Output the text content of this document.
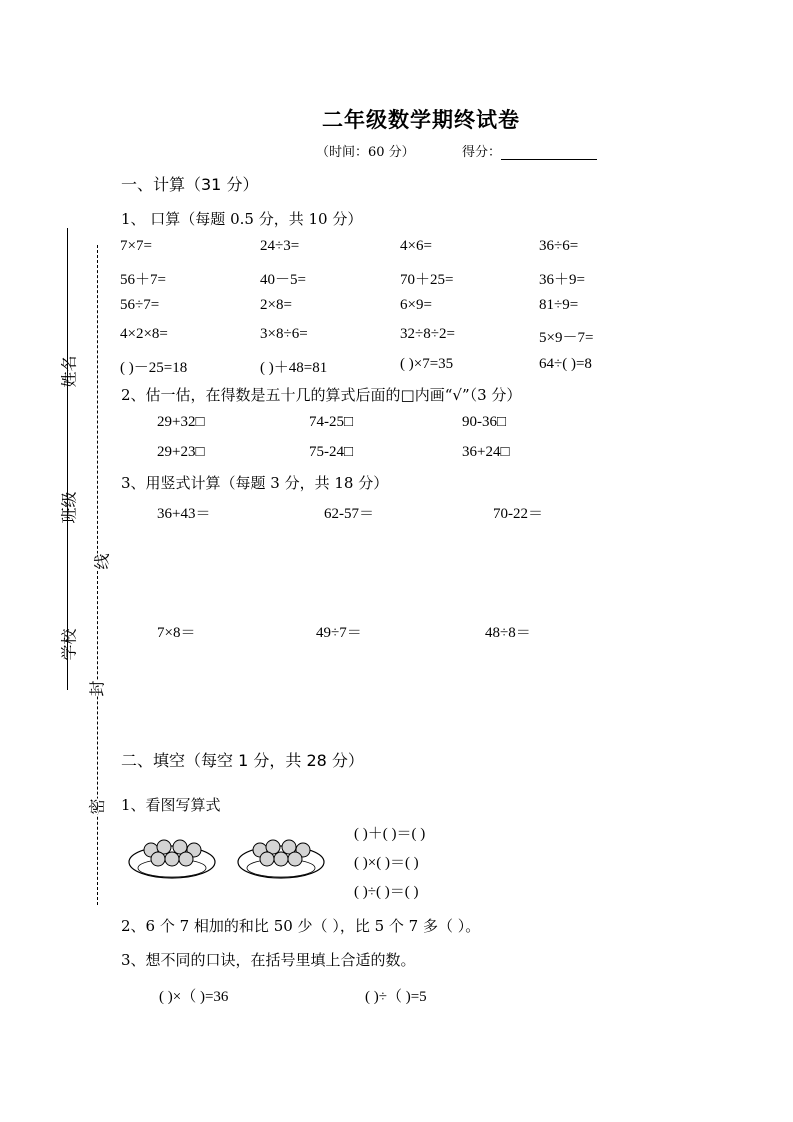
姓名
班级
学校
线
封
密
二年级数学期终试卷
（时间：60 分）	得分：
一、计算（31 分）
1、 口算（每题 0.5 分，共 10 分）
7×7=	24÷3=	4×6=	36÷6=
56＋7=	40－5=	70＋25=	36＋9=
56÷7=	2×8=	6×9=	81÷9=
4×2×8=	3×8÷6=	32÷8÷2=	5×9－7=
( )－25=18	( )＋48=81	( )×7=35	64÷( )=8
2、估一估，在得数是五十几的算式后面的□内画“√”（3 分）
29+32□	74-25□	90-36□
29+23□	75-24□	36+24□
3、用竖式计算（每题 3 分，共 18 分）
36+43＝	62-57＝	70-22＝
7×8＝	49÷7＝	48÷8＝
二、填空（每空 1 分，共 28 分）
1、看图写算式
( )＋( )＝( )
( )×( )＝( )
( )÷( )＝( )
2、6 个 7 相加的和比 50 少（ ），比 5 个 7 多（ ）。
3、想不同的口诀，在括号里填上合适的数。
( )×（ )=36	( )÷（ )=5
